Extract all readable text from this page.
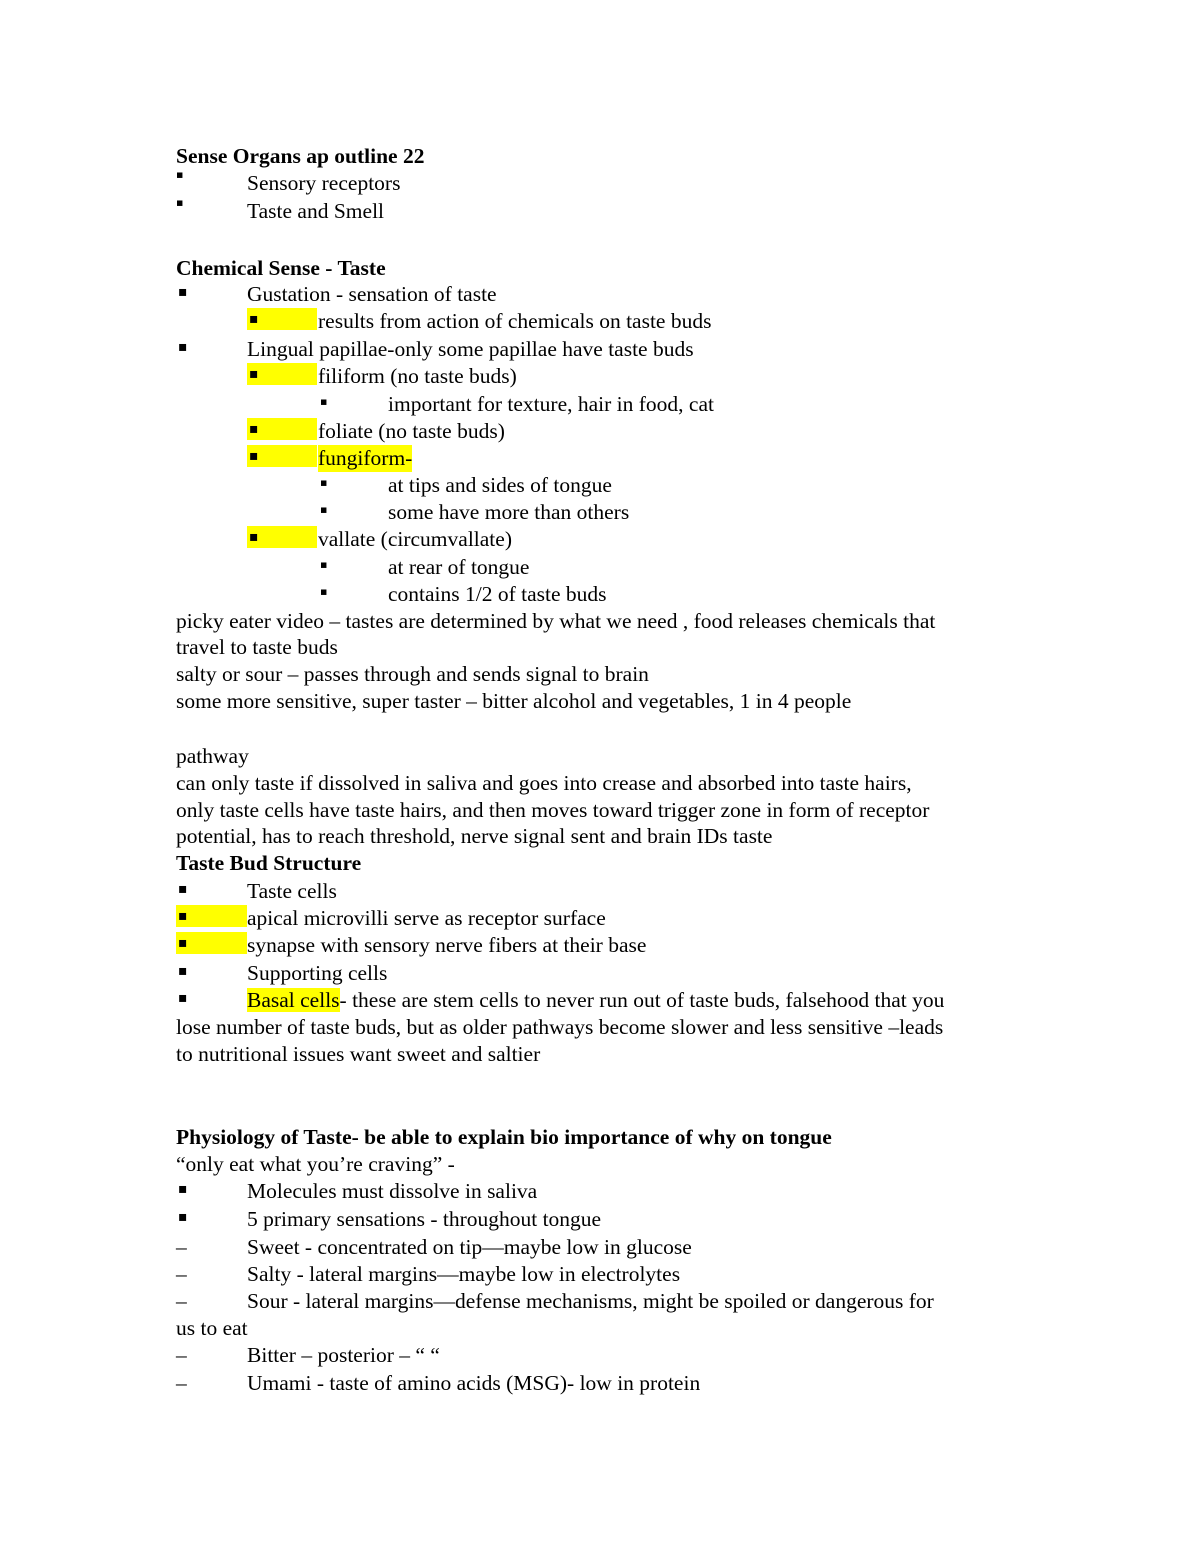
Sense Organs ap outline 22
▪	Sensory receptors
▪	Taste and Smell
Chemical Sense - Taste
▪	Gustation - sensation of taste
▪	results from action of chemicals on taste buds
▪	Lingual papillae-only some papillae have taste buds
▪	filiform (no taste buds)
▪	important for texture, hair in food, cat
▪	foliate (no taste buds)
▪	fungiform-
▪	at tips and sides of tongue
▪	some have more than others
▪	vallate (circumvallate)
▪	at rear of tongue
▪	contains 1/2 of taste buds
picky eater video – tastes are determined by what we need , food releases chemicals that
travel to taste buds
salty or sour – passes through and sends signal to brain
some more sensitive, super taster – bitter alcohol and vegetables, 1 in 4 people
pathway
can only taste if dissolved in saliva and goes into crease and absorbed into taste hairs,
only taste cells have taste hairs, and then moves toward trigger zone in form of receptor
potential, has to reach threshold, nerve signal sent and brain IDs taste
Taste Bud Structure
▪	Taste cells
▪	apical microvilli serve as receptor surface
▪	synapse with sensory nerve fibers at their base
▪	Supporting cells
▪	Basal cells- these are stem cells to never run out of taste buds, falsehood that you
lose number of taste buds, but as older pathways become slower and less sensitive –leads
to nutritional issues want sweet and saltier
Physiology of Taste- be able to explain bio importance of why on tongue
“only eat what you’re craving” -
▪	Molecules must dissolve in saliva
▪	5 primary sensations - throughout tongue
–	Sweet - concentrated on tip—maybe low in glucose
–	Salty - lateral margins—maybe low in electrolytes
–	Sour - lateral margins—defense mechanisms, might be spoiled or dangerous for
us to eat
–	Bitter – posterior – “ “
–	Umami - taste of amino acids (MSG)- low in protein
